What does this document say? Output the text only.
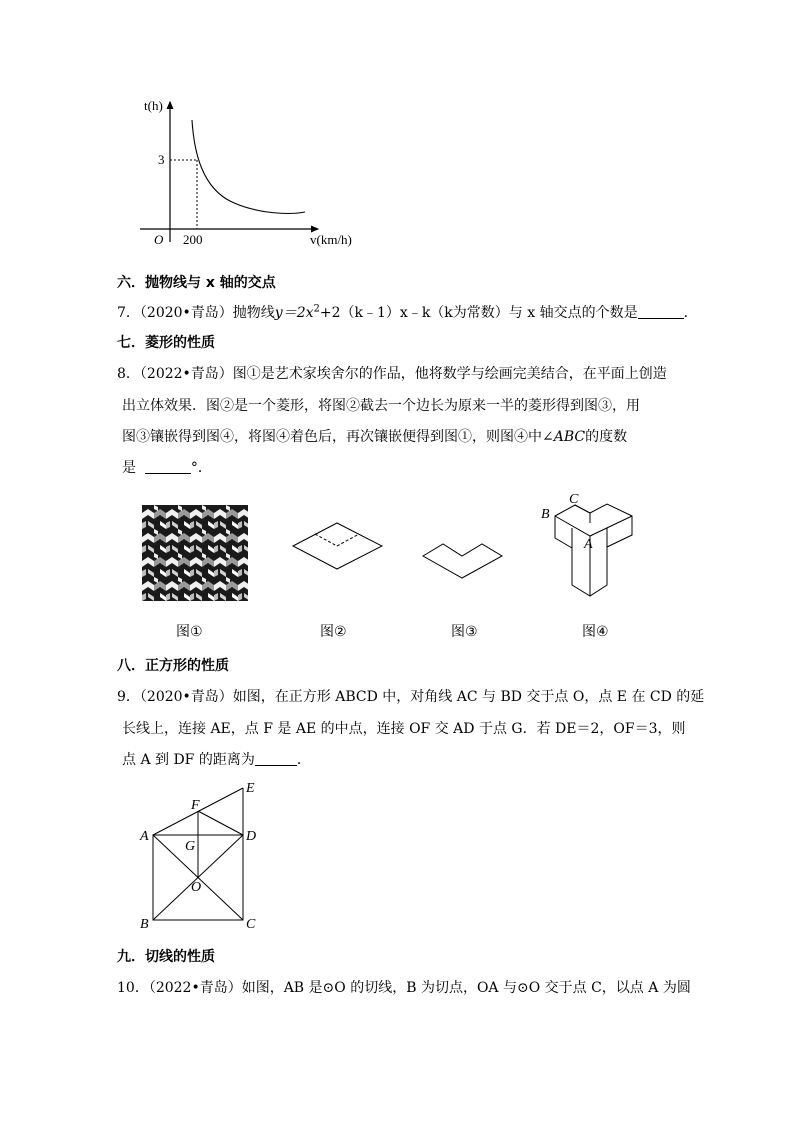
t(h)
v(km/h)
O
3
200
六．抛物线与 x 轴的交点
7．（2020•青岛）抛物线$y=2x^2+2(k﹣1)x﹣k(k$为常数）与 x 轴交点的个数是	．
七．菱形的性质
8．（2022•青岛）图①是艺术家埃舍尔的作品，他将数学与绘画完美结合，在平面上创造
出立体效果．图②是一个菱形，将图②截去一个边长为原来一半的菱形得到图③，用
图③镶嵌得到图④，将图④着色后，再次镶嵌便得到图①，则图④中∠ABC的度数
是	°．
B
C
A
图①	图②	图③	图④
八．正方形的性质
9．（2020•青岛）如图，在正方形 ABCD 中，对角线 AC 与 BD 交于点 O，点 E 在 CD 的延
长线上，连接 AE，点 F 是 AE 的中点，连接 OF 交 AD 于点 G．若 DE＝2，OF＝3，则
点 A 到 DF 的距离为	．
A
B	C
D
E
F
G
O
九．切线的性质
10．（2022•青岛）如图，AB 是⊙O 的切线，B 为切点，OA 与⊙O 交于点 C，以点 A 为圆
